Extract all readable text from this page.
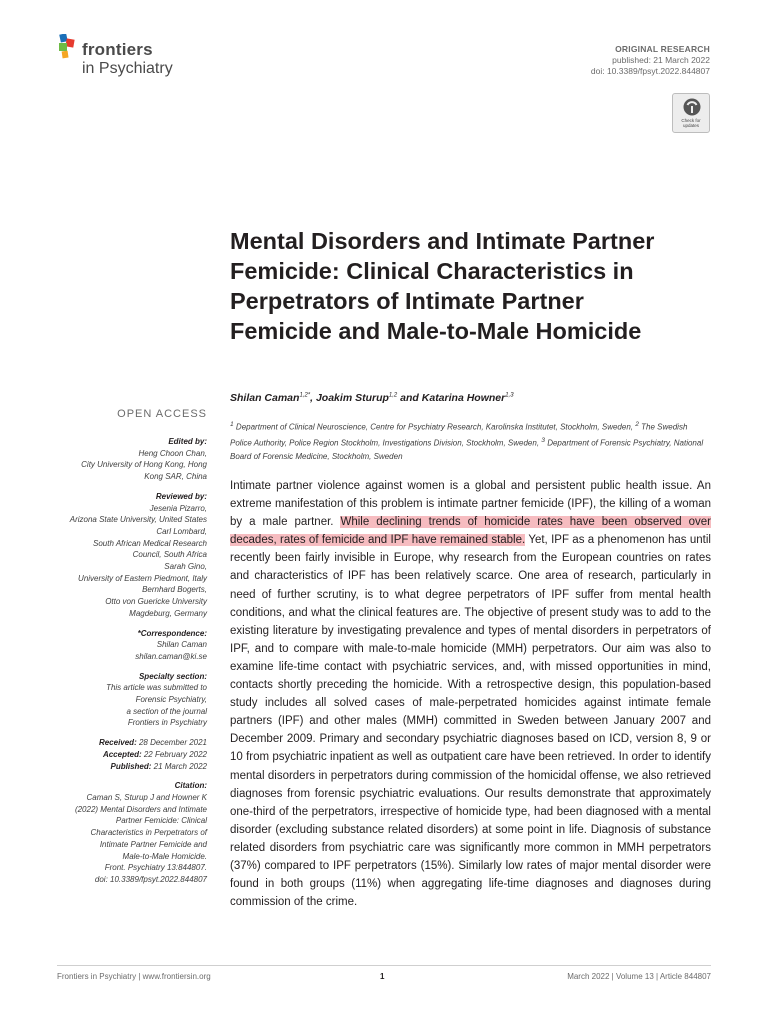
frontiers
in Psychiatry
ORIGINAL RESEARCH
published: 21 March 2022
doi: 10.3389/fpsyt.2022.844807
Check for
updates
Mental Disorders and Intimate Partner Femicide: Clinical Characteristics in Perpetrators of Intimate Partner Femicide and Male-to-Male Homicide
Shilan Caman$^{1,2*}$, Joakim Sturup$^{1,2}$ and Katarina Howner$^{1,3}$
$^1$ Department of Clinical Neuroscience, Centre for Psychiatry Research, Karolinska Institutet, Stockholm, Sweden, $^2$ The Swedish Police Authority, Police Region Stockholm, Investigations Division, Stockholm, Sweden, $^3$ Department of Forensic Psychiatry, National Board of Forensic Medicine, Stockholm, Sweden
OPEN ACCESS
Edited by:
Heng Choon Chan,
City University of Hong Kong, Hong
Kong SAR, China
Reviewed by:
Jesenia Pizarro,
Arizona State University, United States
Carl Lombard,
South African Medical Research
Council, South Africa
Sarah Gino,
University of Eastern Piedmont, Italy
Bernhard Bogerts,
Otto von Guericke University
Magdeburg, Germany
*Correspondence:
Shilan Caman
shilan.caman@ki.se
Specialty section:
This article was submitted to
Forensic Psychiatry,
a section of the journal
Frontiers in Psychiatry
Received: 28 December 2021
Accepted: 22 February 2022
Published: 21 March 2022
Citation:
Caman S, Sturup J and Howner K
(2022) Mental Disorders and Intimate
Partner Femicide: Clinical
Characteristics in Perpetrators of
Intimate Partner Femicide and
Male-to-Male Homicide.
Front. Psychiatry 13:844807.
doi: 10.3389/fpsyt.2022.844807

Intimate partner violence against women is a global and persistent public health issue. An extreme manifestation of this problem is intimate partner femicide (IPF), the killing of a woman by a male partner. While declining trends of homicide rates have been observed over decades, rates of femicide and IPF have remained stable. Yet, IPF as a phenomenon has until recently been fairly invisible in Europe, why research from the European countries on rates and characteristics of IPF has been relatively scarce. One area of research, particularly in need of further scrutiny, is to what degree perpetrators of IPF suffer from mental health conditions, and what the clinical features are. The objective of present study was to add to the existing literature by investigating prevalence and types of mental disorders in perpetrators of IPF, and to compare with male-to-male homicide (MMH) perpetrators. Our aim was also to examine life-time contact with psychiatric services, and, with missed opportunities in mind, contacts shortly preceding the homicide. With a retrospective design, this population-based study includes all solved cases of male-perpetrated homicides against intimate female partners (IPF) and other males (MMH) committed in Sweden between January 2007 and December 2009. Primary and secondary psychiatric diagnoses based on ICD, version 8, 9 or 10 from psychiatric inpatient as well as outpatient care have been retrieved. In order to identify mental disorders in perpetrators during commission of the homicidal offense, we also retrieved diagnoses from forensic psychiatric evaluations. Our results demonstrate that approximately one-third of the perpetrators, irrespective of homicide type, had been diagnosed with a mental disorder (excluding substance related disorders) at some point in life. Diagnosis of substance related disorders from psychiatric care was significantly more common in MMH perpetrators (37%) compared to IPF perpetrators (15%). Similarly low rates of major mental disorder were found in both groups (11%) when aggregating life-time diagnoses and diagnoses during commission of the crime.

Frontiers in Psychiatry | www.frontiersin.org	1	March 2022 | Volume 13 | Article 844807
